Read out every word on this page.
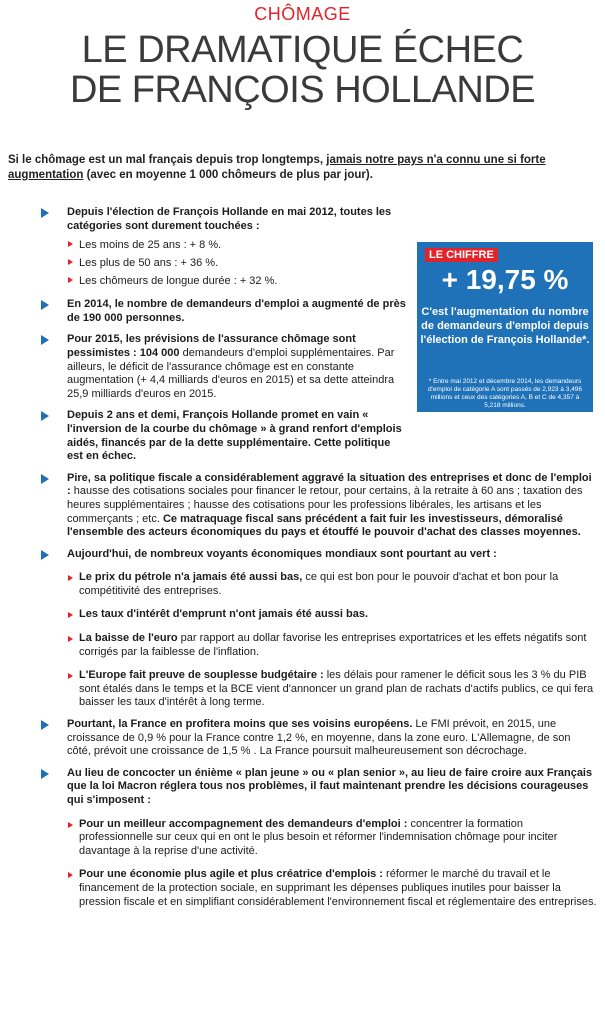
CHÔMAGE
LE DRAMATIQUE ÉCHEC
DE FRANÇOIS HOLLANDE
Si le chômage est un mal français depuis trop longtemps, jamais notre pays n'a connu une si forte augmentation (avec en moyenne 1 000 chômeurs de plus par jour).
Depuis l'élection de François Hollande en mai 2012, toutes les catégories sont durement touchées :
Les moins de 25 ans : + 8 %.
Les plus de 50 ans : + 36 %.
Les chômeurs de longue durée : + 32 %.
En 2014, le nombre de demandeurs d'emploi a augmenté de près de 190 000 personnes.
Pour 2015, les prévisions de l'assurance chômage sont pessimistes : 104 000 demandeurs d'emploi supplémentaires. Par ailleurs, le déficit de l'assurance chômage est en constante augmentation (+ 4,4 milliards d'euros en 2015) et sa dette atteindra 25,9 milliards d'euros en 2015.
Depuis 2 ans et demi, François Hollande promet en vain « l'inversion de la courbe du chômage » à grand renfort d'emplois aidés, financés par de la dette supplémentaire. Cette politique est en échec.
Pire, sa politique fiscale a considérablement aggravé la situation des entreprises et donc de l'emploi : hausse des cotisations sociales pour financer le retour, pour certains, à la retraite à 60 ans ; taxation des heures supplémentaires ; hausse des cotisations pour les professions libérales, les artisans et les commerçants ; etc. Ce matraquage fiscal sans précédent a fait fuir les investisseurs, démoralisé l'ensemble des acteurs économiques du pays et étouffé le pouvoir d'achat des classes moyennes.
Aujourd'hui, de nombreux voyants économiques mondiaux sont pourtant au vert :
Le prix du pétrole n'a jamais été aussi bas, ce qui est bon pour le pouvoir d'achat et bon pour la compétitivité des entreprises.
Les taux d'intérêt d'emprunt n'ont jamais été aussi bas.
La baisse de l'euro par rapport au dollar favorise les entreprises exportatrices et les effets négatifs sont corrigés par la faiblesse de l'inflation.
L'Europe fait preuve de souplesse budgétaire : les délais pour ramener le déficit sous les 3 % du PIB sont étalés dans le temps et la BCE vient d'annoncer un grand plan de rachats d'actifs publics, ce qui fera baisser les taux d'intérêt à long terme.
Pourtant, la France en profitera moins que ses voisins européens. Le FMI prévoit, en 2015, une croissance de 0,9 % pour la France contre 1,2 %, en moyenne, dans la zone euro. L'Allemagne, de son côté, prévoit une croissance de 1,5 % . La France poursuit malheureusement son décrochage.
Au lieu de concocter un énième « plan jeune » ou « plan senior », au lieu de faire croire aux Français que la loi Macron réglera tous nos problèmes, il faut maintenant prendre les décisions courageuses qui s'imposent :
Pour un meilleur accompagnement des demandeurs d'emploi : concentrer la formation professionnelle sur ceux qui en ont le plus besoin et réformer l'indemnisation chômage pour inciter davantage à la reprise d'une activité.
Pour une économie plus agile et plus créatrice d'emplois : réformer le marché du travail et le financement de la protection sociale, en supprimant les dépenses publiques inutiles pour baisser la pression fiscale et en simplifiant considérablement l'environnement fiscal et réglementaire des entreprises.
LE CHIFFRE
+ 19,75 %
C'est l'augmentation du nombre de demandeurs d'emploi depuis l'élection de François Hollande*.
* Entre mai 2012 et décembre 2014, les demandeurs d'emploi de catégorie A sont passés de 2,923 à 3,496 millions et ceux des catégories A, B et C de 4,357 à 5,218 millions.
